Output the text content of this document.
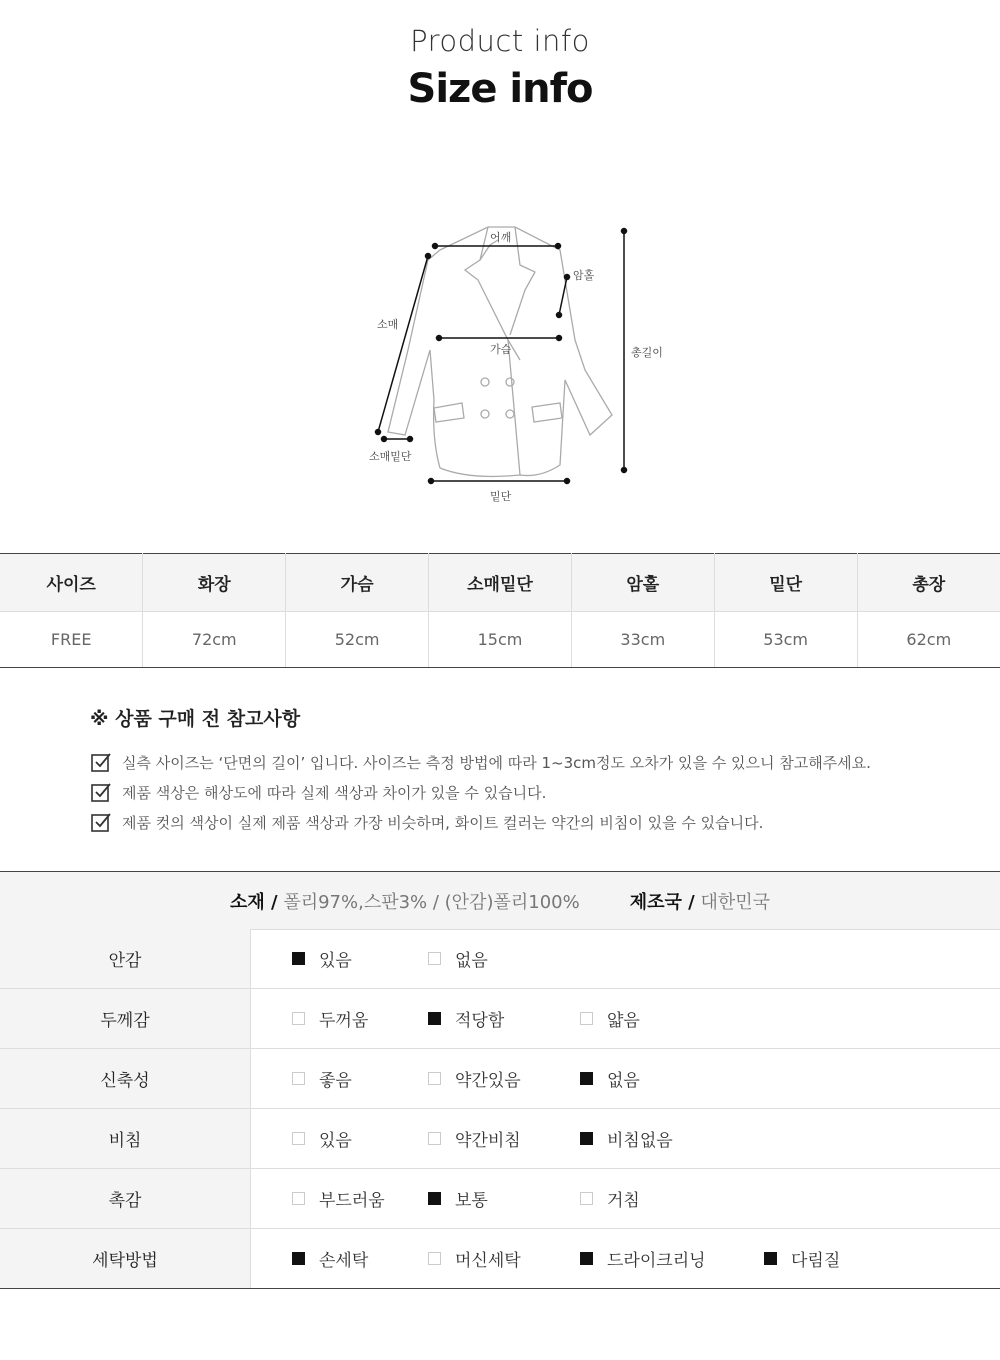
Product info
Size info
어깨
암홀
소매
가슴	총길이
소매밑단
밑단
사이즈	화장	가슴	소매밑단	암홀	밑단	총장
FREE	72cm	52cm	15cm	33cm	53cm	62cm
※ 상품 구매 전 참고사항
실측 사이즈는 ‘단면의 길이’ 입니다. 사이즈는 측정 방법에 따라 1~3cm정도 오차가 있을 수 있으니 참고해주세요.
제품 색상은 해상도에 따라 실제 색상과 차이가 있을 수 있습니다.
제품 컷의 색상이 실제 제품 색상과 가장 비슷하며, 화이트 컬러는 약간의 비침이 있을 수 있습니다.
소재 /
폴리97%,스판3% / (안감)폴리100%	제조국 /
대한민국
안감	있음 없음

두께감	두꺼움 적당함 얇음

신축성	좋음 약간있음 없음

비침	있음 약간비침 비침없음

촉감	부드러움 보통 거침

세탁방법	손세탁 머신세탁 드라이크리닝 다림질
